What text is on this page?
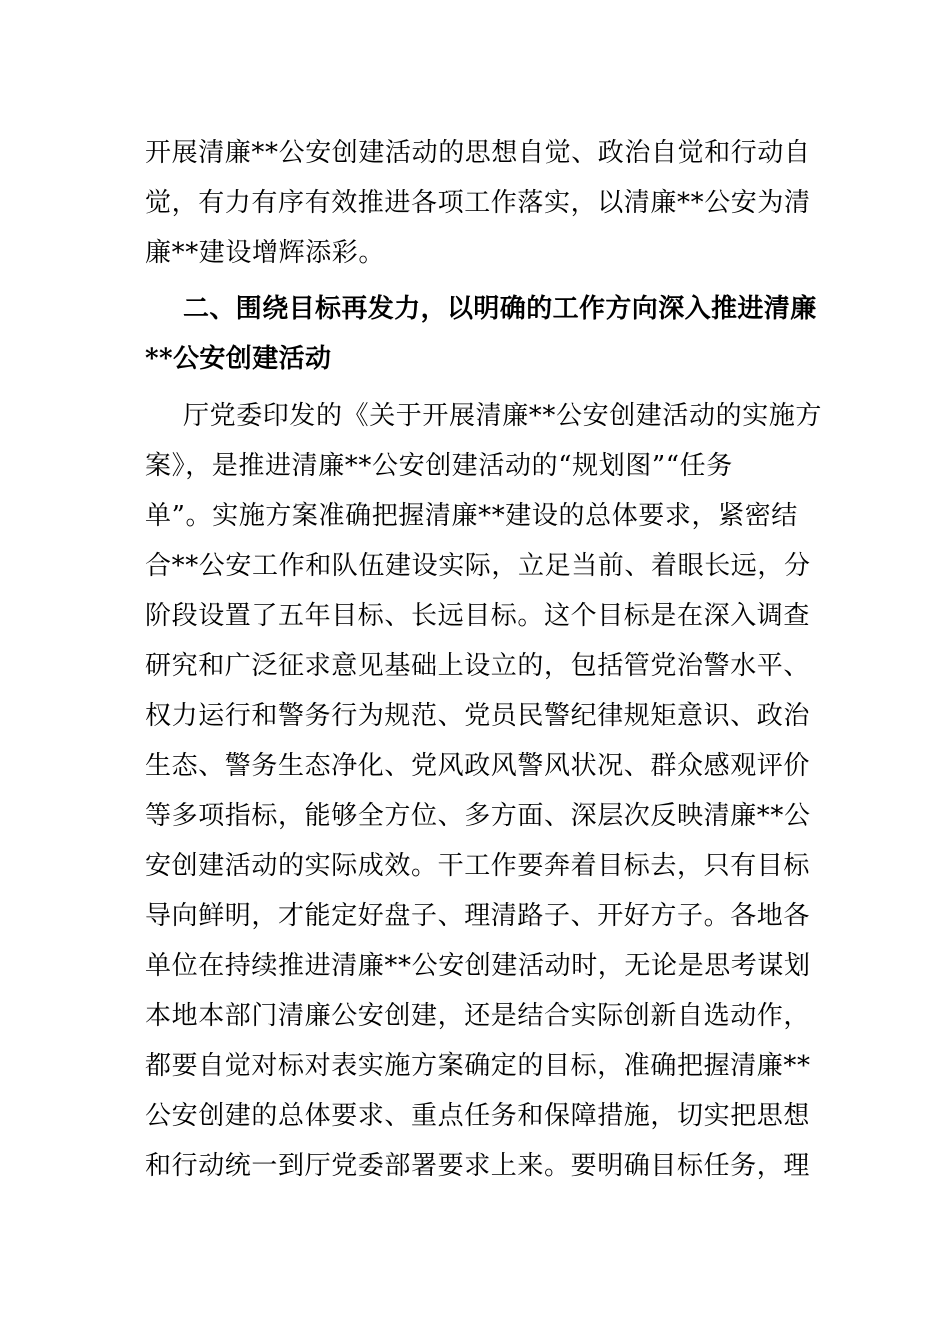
开展清廉**公安创建活动的思想自觉、政治自觉和行动自
觉，有力有序有效推进各项工作落实，以清廉**公安为清
廉**建设增辉添彩。
二、围绕目标再发力，以明确的工作方向深入推进清廉
**公安创建活动
厅党委印发的《关于开展清廉**公安创建活动的实施方
案》，是推进清廉**公安创建活动的“规划图”“任务
单”。实施方案准确把握清廉**建设的总体要求，紧密结
合**公安工作和队伍建设实际，立足当前、着眼长远，分
阶段设置了五年目标、长远目标。这个目标是在深入调查
研究和广泛征求意见基础上设立的，包括管党治警水平、
权力运行和警务行为规范、党员民警纪律规矩意识、政治
生态、警务生态净化、党风政风警风状况、群众感观评价
等多项指标，能够全方位、多方面、深层次反映清廉**公
安创建活动的实际成效。干工作要奔着目标去，只有目标
导向鲜明，才能定好盘子、理清路子、开好方子。各地各
单位在持续推进清廉**公安创建活动时，无论是思考谋划
本地本部门清廉公安创建，还是结合实际创新自选动作，
都要自觉对标对表实施方案确定的目标，准确把握清廉**
公安创建的总体要求、重点任务和保障措施，切实把思想
和行动统一到厅党委部署要求上来。要明确目标任务，理
